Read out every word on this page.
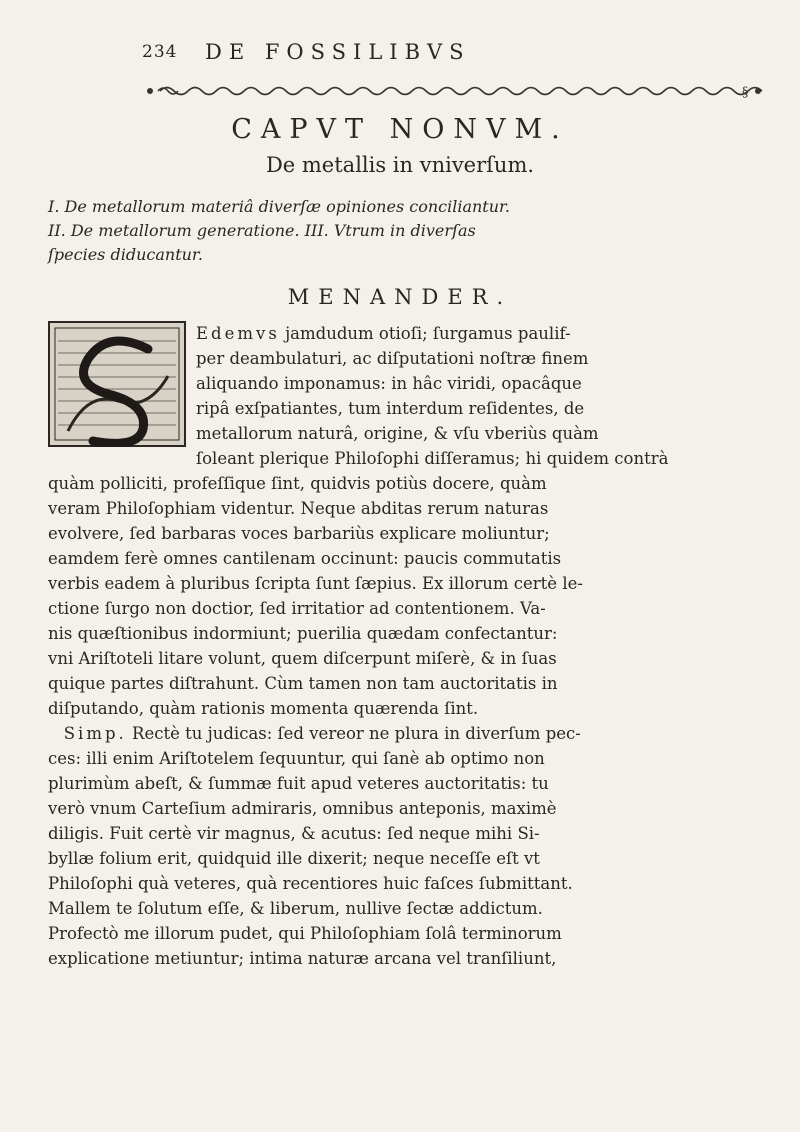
234 DE FOSSILIBVS
§
CAPVT NONVM.
De metallis in vniverſum.

I. De metallorum materiâ diverſæ opiniones conciliantur.

II. De metallorum generatione. III. Vtrum in diverſas

ſpecies diducantur.

MENANDER.
Edemvs jamdudum otioſi; ſurgamus paulif-
per deambulaturi, ac diſputationi noſtræ finem
aliquando imponamus: in hâc viridi, opacâque
ripâ exſpatiantes, tum interdum reſidentes, de
metallorum naturâ, origine, & vſu vberiùs quàm
ſoleant plerique Philoſophi diſſeramus; hi quidem contrà
quàm polliciti, profeſſique ſint, quidvis potiùs docere, quàm
veram Philoſophiam videntur. Neque abditas rerum naturas
evolvere, ſed barbaras voces barbariùs explicare moliuntur;
eamdem ferè omnes cantilenam occinunt: paucis commutatis
verbis eadem à pluribus ſcripta ſunt ſæpius. Ex illorum certè le-
ctione ſurgo non doctior, ſed irritatior ad contentionem. Va-
nis quæſtionibus indormiunt; puerilia quædam confectantur:
vni Ariſtoteli litare volunt, quem diſcerpunt miſerè, & in ſuas
quique partes diſtrahunt. Cùm tamen non tam auctoritatis in
diſputando, quàm rationis momenta quærenda ſint.
Simp. Rectè tu judicas: ſed vereor ne plura in diverſum pec-
ces: illi enim Ariſtotelem ſequuntur, qui ſanè ab optimo non
plurimùm abeſt, & ſummæ fuit apud veteres auctoritatis: tu
verò vnum Carteſium admiraris, omnibus anteponis, maximè
diligis. Fuit certè vir magnus, & acutus: ſed neque mihi Si-
byllæ folium erit, quidquid ille dixerit; neque neceſſe eſt vt
Philoſophi quà veteres, quà recentiores huic faſces ſubmittant.
Mallem te ſolutum eſſe, & liberum, nullive ſectæ addictum.
Profectò me illorum pudet, qui Philoſophiam ſolâ terminorum
explicatione metiuntur; intima naturæ arcana vel tranſiliunt,
